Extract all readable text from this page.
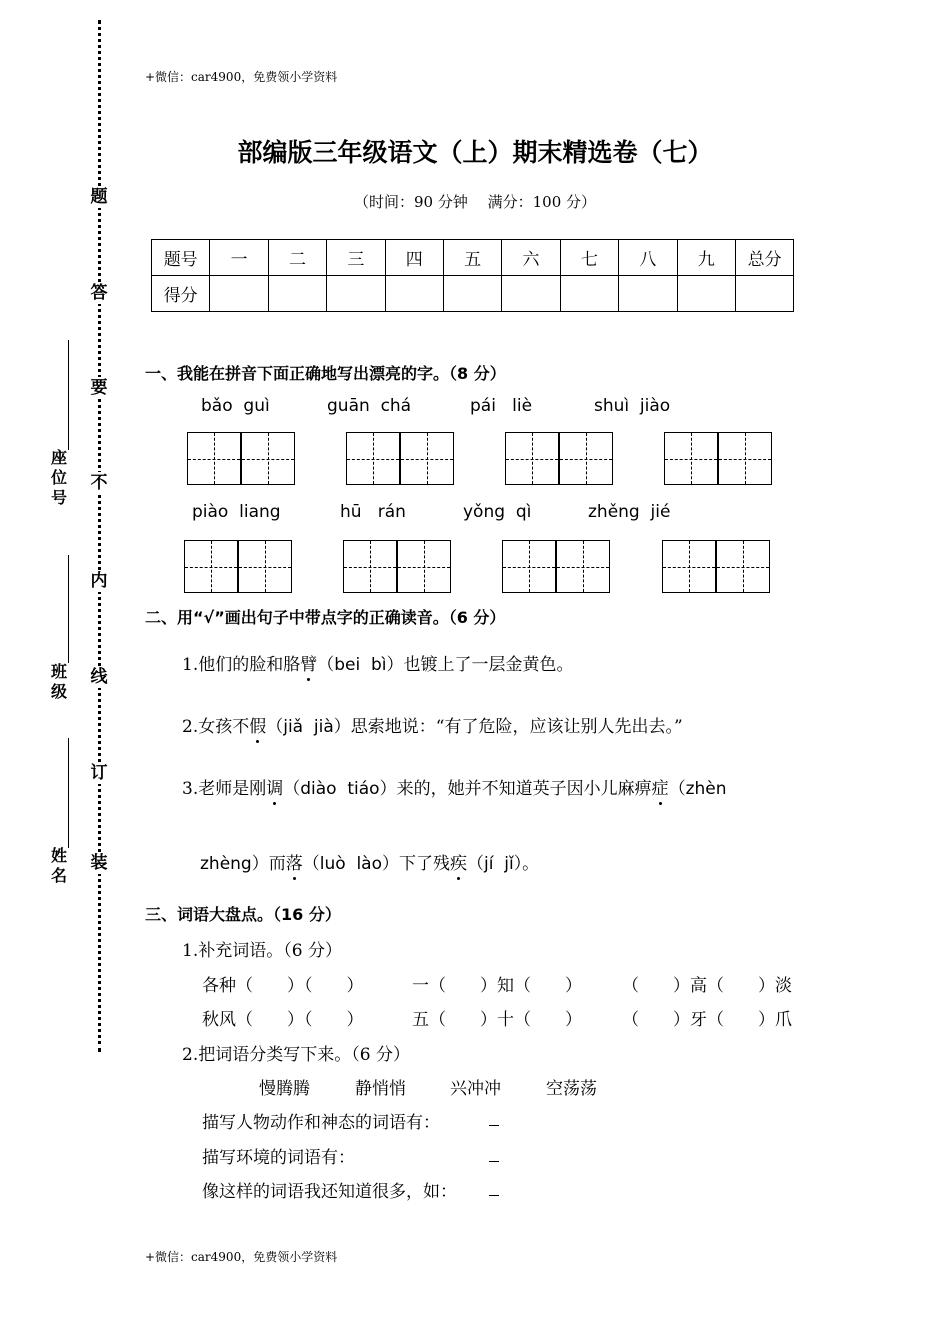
题
答
要
不
内
线
订
装
座位号
班级
姓名
+微信：car4900，免费领小学资料
部编版三年级语文（上）期末精选卷（七）
（时间：90 分钟　 满分：100 分）
题号	一	二	三	四	五	六	七	八	九	总分
得分										
一、我能在拼音下面正确地写出漂亮的字。（8 分）
bǎo  guì	guān  chá	pái   liè	shuì  jiào
piào  liang	hū   rán	yǒng  qì	zhěng  jié
二、用“√”画出句子中带点字的正确读音。（6 分）
1.他们的脸和胳臂（bei  bì）也镀上了一层金黄色。
2.女孩不假（jiǎ  jià）思索地说：“有了危险，应该让别人先出去。”
3.老师是刚调（diào  tiáo）来的，她并不知道英子因小儿麻痹症（zhèn
zhèng）而落（luò  lào）下了残疾（jí  jǐ）。
三、词语大盘点。（16 分）
1.补充词语。（6 分）
各种（　　）（　　）	一（　　）知（　　） （　　）高（　　）淡
秋风（　　）（　　）	五（　　）十（　　） （　　）牙（　　）爪
2.把词语分类写下来。（6 分）
慢腾腾	静悄悄	兴冲冲	空荡荡
描写人物动作和神态的词语有：
描写环境的词语有：
像这样的词语我还知道很多，如：
+微信：car4900，免费领小学资料
